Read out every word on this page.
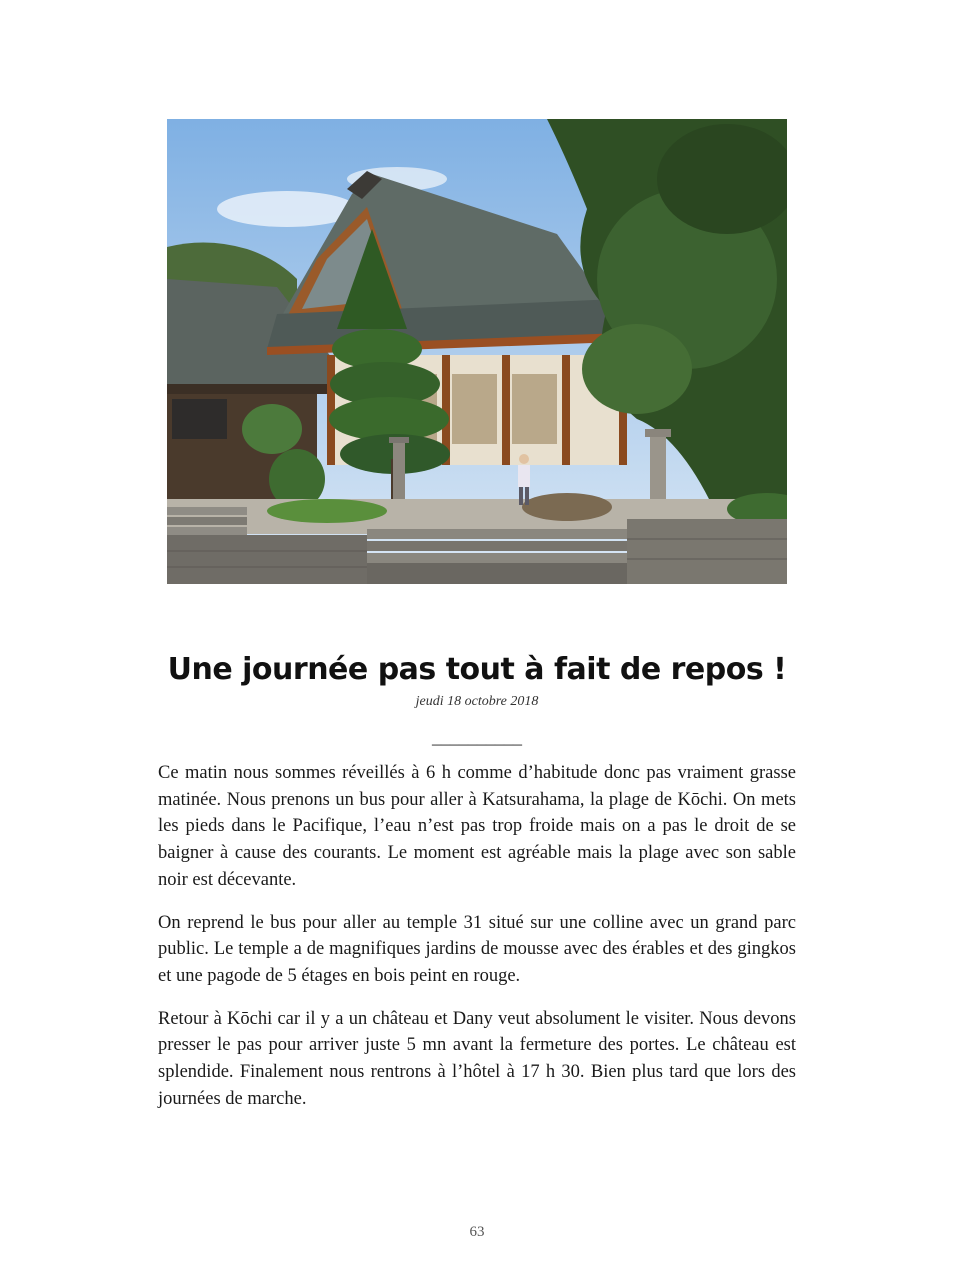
Une journée pas tout à fait de repos !
jeudi 18 octobre 2018
__________

Ce matin nous sommes réveillés à 6 h comme d’habitude donc pas vraiment grasse matinée. Nous prenons un bus pour aller à Katsurahama, la plage de Kōchi. On mets les pieds dans le Pacifique, l’eau n’est pas trop froide mais on a pas le droit de se baigner à cause des courants. Le moment est agréable mais la plage avec son sable noir est décevante.

On reprend le bus pour aller au temple 31 situé sur une colline avec un grand parc public. Le temple a de magnifiques jardins de mousse avec des érables et des gingkos et une pagode de 5 étages en bois peint en rouge.

Retour à Kōchi car il y a un château et Dany veut absolument le visiter. Nous devons presser le pas pour arriver juste 5 mn avant la fermeture des portes. Le château est splendide. Finalement nous rentrons à l’hôtel à 17 h 30. Bien plus tard que lors des journées de marche.

63
